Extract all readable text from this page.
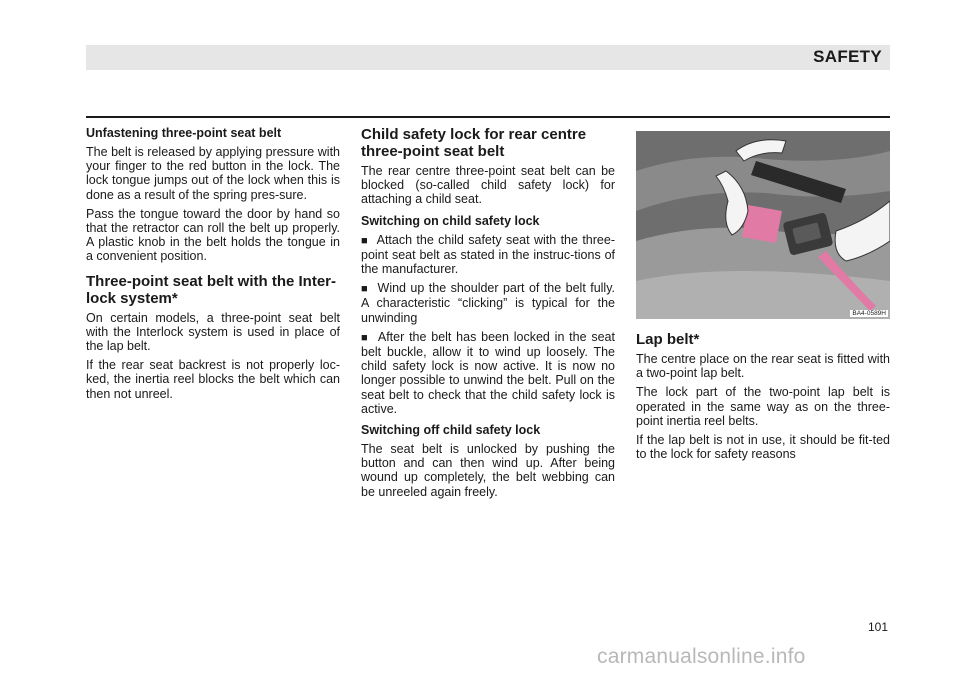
SAFETY
Unfastening three-point seat belt

The belt is released by applying pressure with your finger to the red button in the lock. The lock tongue jumps out of the lock when this is done as a result of the spring pres-sure.

Pass the tongue toward the door by hand so that the retractor can roll the belt up properly. A plastic knob in the belt holds the tongue in a convenient position.

Three-point seat belt with the Inter-lock system*

On certain models, a three-point seat belt with the Interlock system is used in place of the lap belt.

If the rear seat backrest is not properly loc-ked, the inertia reel blocks the belt which can then not unreel.

Child safety lock for rear centre three-point seat belt

The rear centre three-point seat belt can be blocked (so-called child safety lock) for attaching a child seat.

Switching on child safety lock

■ Attach the child safety seat with the three-point seat belt as stated in the instruc-tions of the manufacturer.

■ Wind up the shoulder part of the belt fully. A characteristic “clicking” is typical for the unwinding

■ After the belt has been locked in the seat belt buckle, allow it to wind up loosely. The child safety lock is now active. It is now no longer possible to unwind the belt. Pull on the seat belt to check that the child safety lock is active.

Switching off child safety lock

The seat belt is unlocked by pushing the button and can then wind up. After being wound up completely, the belt webbing can be unreeled again freely.

BA4-0589H
Lap belt*

The centre place on the rear seat is fitted with a two-point lap belt.

The lock part of the two-point lap belt is operated in the same way as on the three-point inertia reel belts.

If the lap belt is not in use, it should be fit-ted to the lock for safety reasons

101
carmanualsonline.info
